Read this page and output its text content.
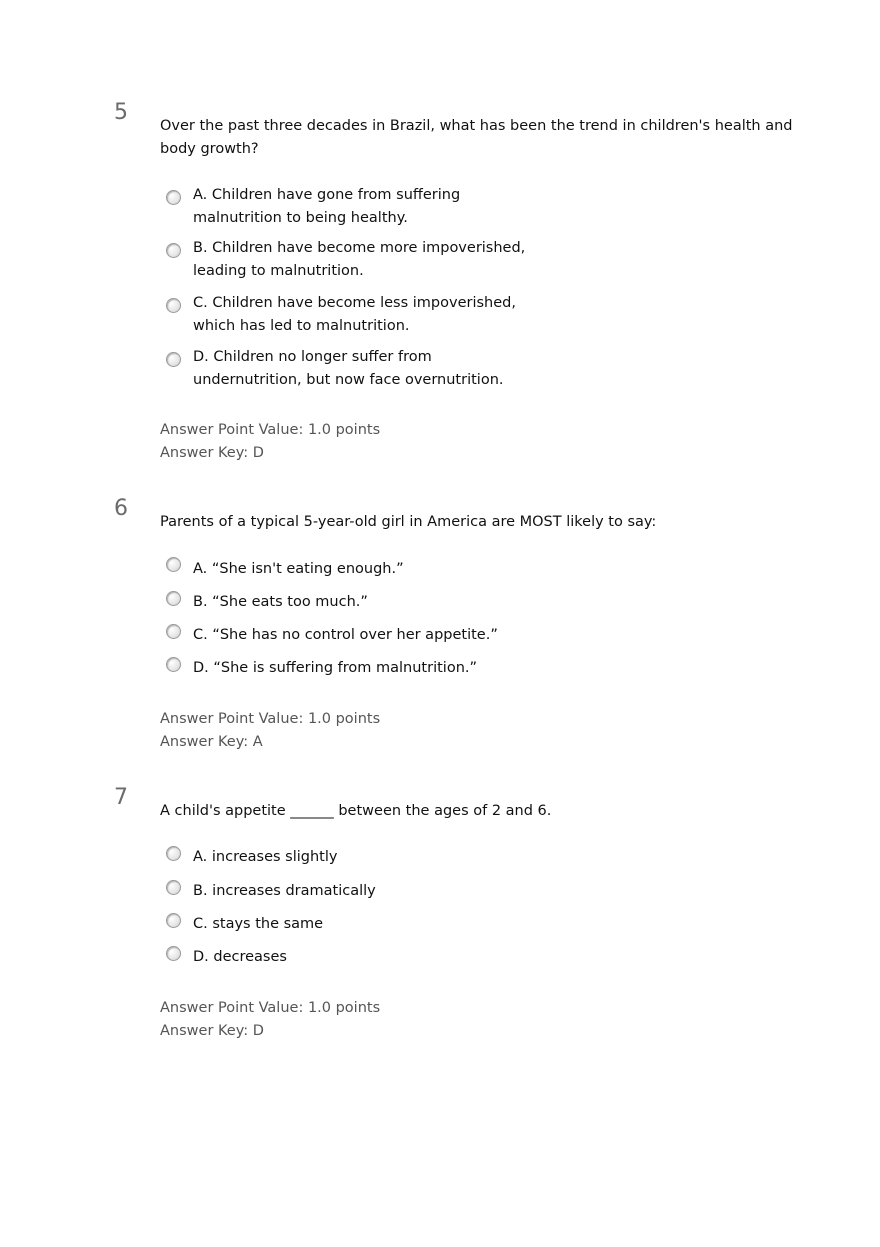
5
Over the past three decades in Brazil, what has been the trend in children's health and body growth?
A. Children have gone from suffering
malnutrition to being healthy.
B. Children have become more impoverished,
leading to malnutrition.
C. Children have become less impoverished,
which has led to malnutrition.
D. Children no longer suffer from
undernutrition, but now face overnutrition.
Answer Point Value: 1.0 points
Answer Key: D
6
Parents of a typical 5-year-old girl in America are MOST likely to say:
A. “She isn't eating enough.”
B. “She eats too much.”
C. “She has no control over her appetite.”
D. “She is suffering from malnutrition.”
Answer Point Value: 1.0 points
Answer Key: A
7
A child's appetite ______ between the ages of 2 and 6.
A. increases slightly
B. increases dramatically
C. stays the same
D. decreases
Answer Point Value: 1.0 points
Answer Key: D
